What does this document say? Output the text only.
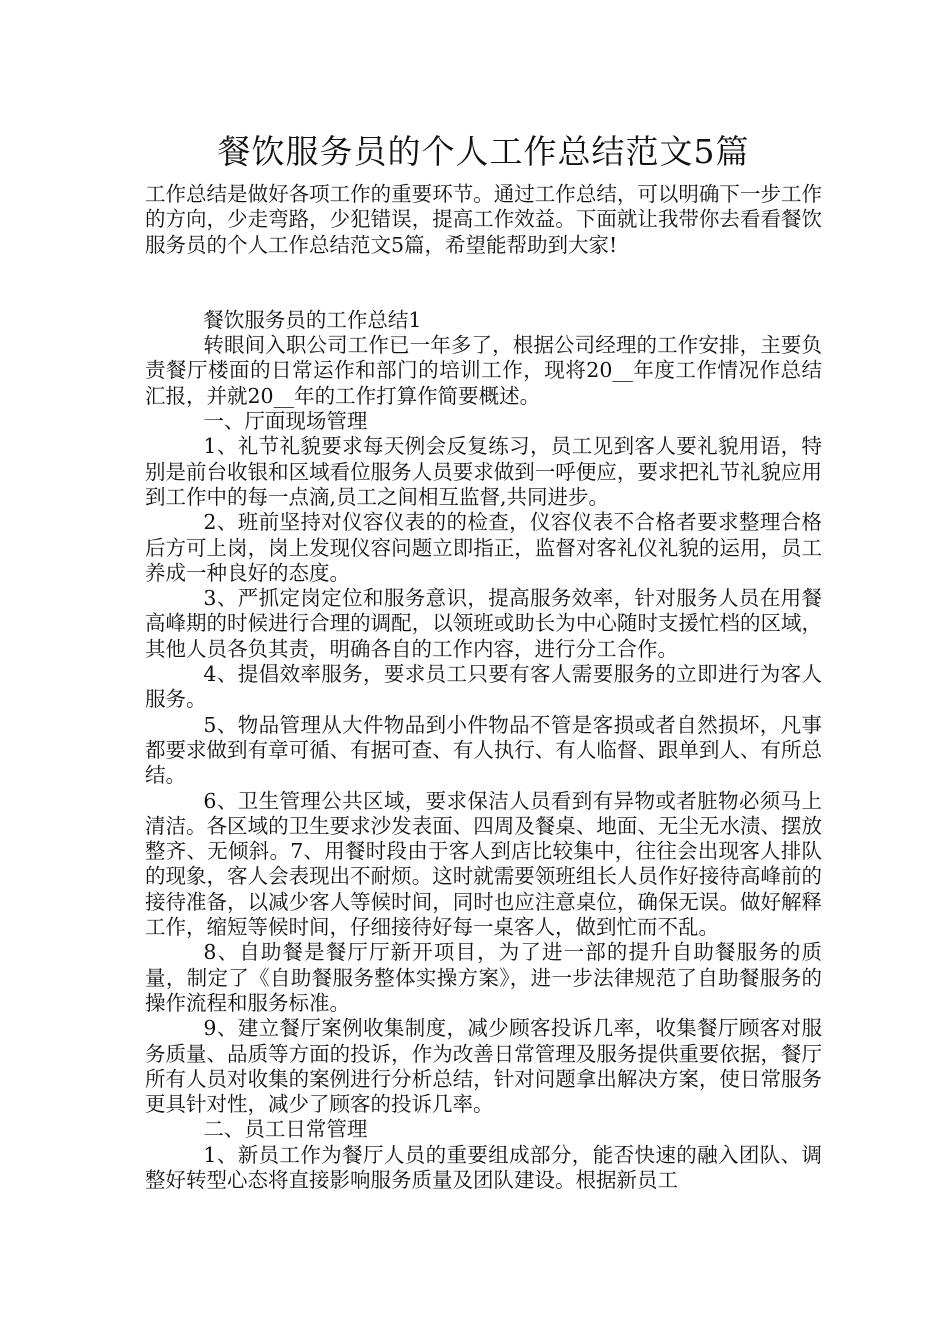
餐饮服务员的个人工作总结范文5篇

工作总结是做好各项工作的重要环节。通过工作总结，可以明确下一步工作的方向，少走弯路，少犯错误，提高工作效益。下面就让我带你去看看餐饮服务员的个人工作总结范文5篇，希望能帮助到大家!

餐饮服务员的工作总结1

转眼间入职公司工作已一年多了，根据公司经理的工作安排，主要负责餐厅楼面的日常运作和部门的培训工作，现将20__年度工作情况作总结汇报，并就20__年的工作打算作简要概述。

一、厅面现场管理

1、礼节礼貌要求每天例会反复练习，员工见到客人要礼貌用语，特别是前台收银和区域看位服务人员要求做到一呼便应，要求把礼节礼貌应用到工作中的每一点滴,员工之间相互监督,共同进步。

2、班前坚持对仪容仪表的的检查，仪容仪表不合格者要求整理合格后方可上岗，岗上发现仪容问题立即指正，监督对客礼仪礼貌的运用，员工养成一种良好的态度。

3、严抓定岗定位和服务意识，提高服务效率，针对服务人员在用餐高峰期的时候进行合理的调配，以领班或助长为中心随时支援忙档的区域，其他人员各负其责，明确各自的工作内容，进行分工合作。

4、提倡效率服务，要求员工只要有客人需要服务的立即进行为客人服务。

5、物品管理从大件物品到小件物品不管是客损或者自然损坏，凡事都要求做到有章可循、有据可查、有人执行、有人临督、跟单到人、有所总结。

6、卫生管理公共区域，要求保洁人员看到有异物或者脏物必须马上清洁。各区域的卫生要求沙发表面、四周及餐桌、地面、无尘无水渍、摆放整齐、无倾斜。7、用餐时段由于客人到店比较集中，往往会出现客人排队的现象，客人会表现出不耐烦。这时就需要领班组长人员作好接待高峰前的接待准备，以减少客人等候时间，同时也应注意桌位，确保无误。做好解释工作，缩短等候时间，仔细接待好每一桌客人，做到忙而不乱。

8、自助餐是餐厅厅新开项目，为了进一部的提升自助餐服务的质量，制定了《自助餐服务整体实操方案》，进一步法律规范了自助餐服务的操作流程和服务标准。

9、建立餐厅案例收集制度，减少顾客投诉几率，收集餐厅顾客对服务质量、品质等方面的投诉，作为改善日常管理及服务提供重要依据，餐厅所有人员对收集的案例进行分析总结，针对问题拿出解决方案，使日常服务更具针对性，减少了顾客的投诉几率。

二、员工日常管理

1、新员工作为餐厅人员的重要组成部分，能否快速的融入团队、调整好转型心态将直接影响服务质量及团队建设。根据新员工
